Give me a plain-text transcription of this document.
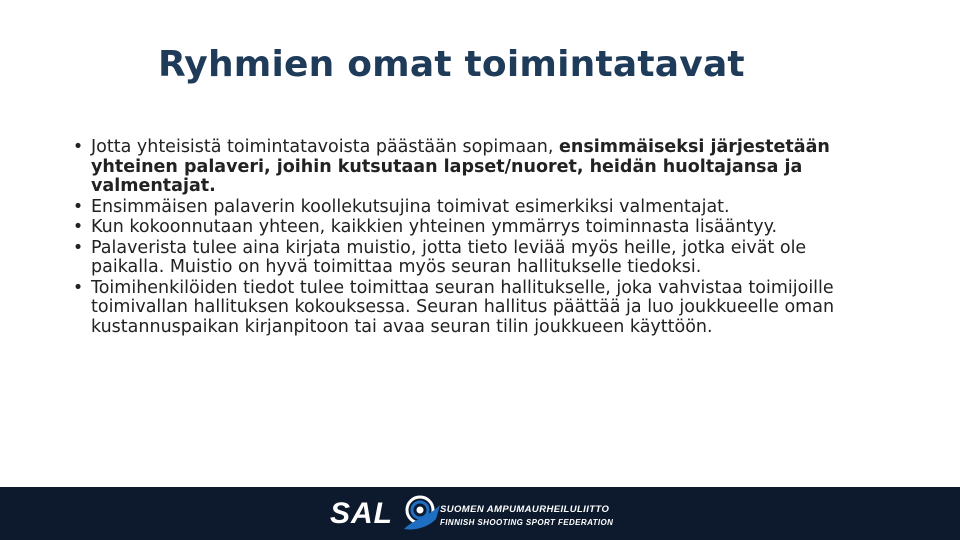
Ryhmien omat toimintatavat
• Jotta yhteisistä toimintatavoista päästään sopimaan, ensimmäiseksi järjestetään yhteinen palaveri, joihin kutsutaan lapset/nuoret, heidän huoltajansa ja valmentajat.
• Ensimmäisen palaverin koollekutsujina toimivat esimerkiksi valmentajat.
• Kun kokoonnutaan yhteen, kaikkien yhteinen ymmärrys toiminnasta lisääntyy.
• Palaverista tulee aina kirjata muistio, jotta tieto leviää myös heille, jotka eivät ole paikalla. Muistio on hyvä toimittaa myös seuran hallitukselle tiedoksi.
• Toimihenkilöiden tiedot tulee toimittaa seuran hallitukselle, joka vahvistaa toimijoille toimivallan hallituksen kokouksessa. Seuran hallitus päättää ja luo joukkueelle oman kustannuspaikan kirjanpitoon tai avaa seuran tilin joukkueen käyttöön.
SAL	SUOMEN AMPUMAURHEILULIITTO
FINNISH SHOOTING SPORT FEDERATION
